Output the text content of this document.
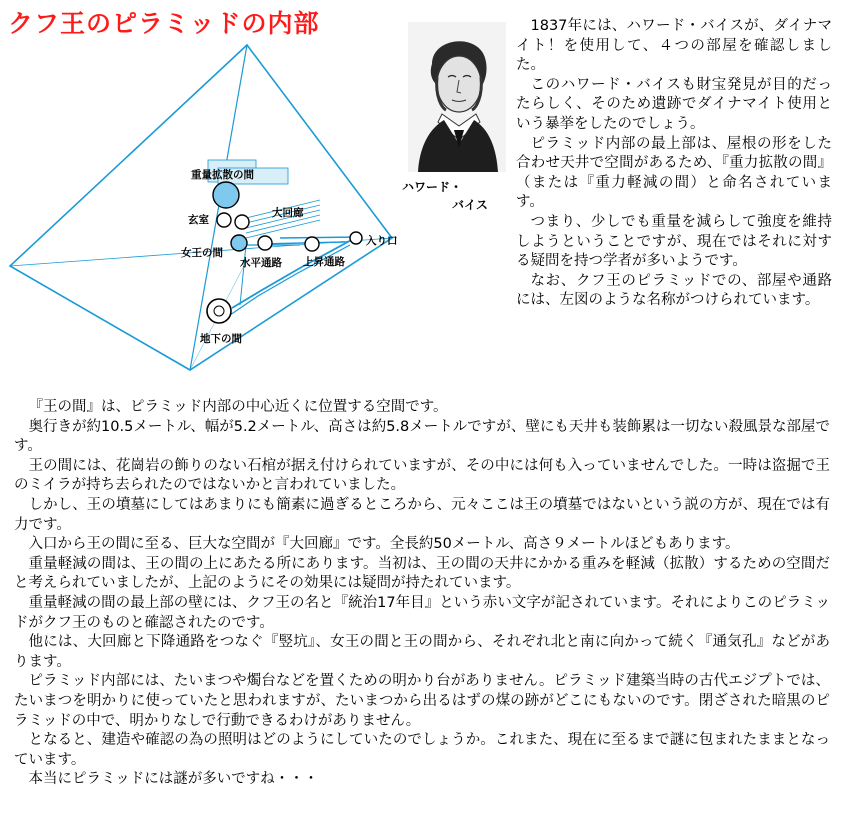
クフ王のピラミッドの内部
重量拡散の間
玄室
大回廊
女王の間
水平通路 上昇通路
入り口
地下の間
ハワード・
バイス

1837年には、ハワード・バイスが、ダイナマイト！を使用して、４つの部屋を確認しました。

このハワード・バイスも財宝発見が目的だったらしく、そのため遺跡でダイナマイト使用という暴挙をしたのでしょう。

ピラミッド内部の最上部は、屋根の形をした合わせ天井で空間があるため、『重力拡散の間』（または『重力軽減の間）と命名されています。

つまり、少しでも重量を減らして強度を維持しようということですが、現在ではそれに対する疑問を持つ学者が多いようです。

なお、クフ王のピラミッドでの、部屋や通路には、左図のような名称がつけられています。

『王の間』は、ピラミッド内部の中心近くに位置する空間です。

奥行きが約10.5メートル、幅が5.2メートル、高さは約5.8メートルですが、壁にも天井も装飾累は一切ない殺風景な部屋です。

王の間には、花崗岩の飾りのない石棺が据え付けられていますが、その中には何も入っていませんでした。一時は盗掘で王のミイラが持ち去られたのではないかと言われていました。

しかし、王の墳墓にしてはあまりにも簡素に過ぎるところから、元々ここは王の墳墓ではないという説の方が、現在では有力です。

入口から王の間に至る、巨大な空間が『大回廊』です。全長約50メートル、高さ９メートルほどもあります。

重量軽減の間は、王の間の上にあたる所にあります。当初は、王の間の天井にかかる重みを軽減（拡散）するための空間だと考えられていましたが、上記のようにその効果には疑問が持たれています。

重量軽減の間の最上部の壁には、クフ王の名と『統治17年目』という赤い文字が記されています。それによりこのピラミッドがクフ王のものと確認されたのです。

他には、大回廊と下降通路をつなぐ『竪坑』、女王の間と王の間から、それぞれ北と南に向かって続く『通気孔』などがあります。

ピラミッド内部には、たいまつや燭台などを置くための明かり台がありません。ピラミッド建築当時の古代エジプトでは、たいまつを明かりに使っていたと思われますが、たいまつから出るはずの煤の跡がどこにもないのです。閉ざされた暗黒のピラミッドの中で、明かりなしで行動できるわけがありません。

となると、建造や確認の為の照明はどのようにしていたのでしょうか。これまた、現在に至るまで謎に包まれたままとなっています。

本当にピラミッドには謎が多いですね・・・
